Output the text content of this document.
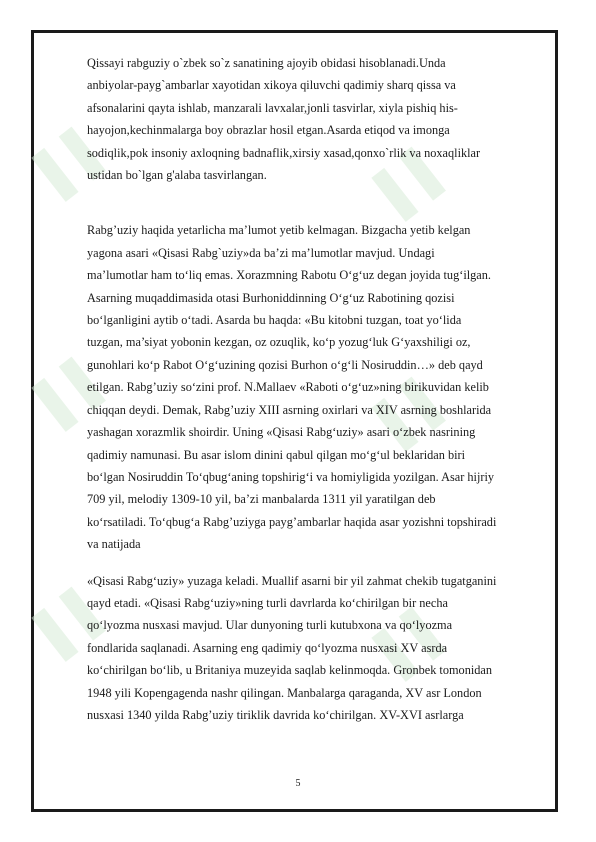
▌▌	▌▌
▌▌	▌▌
▌▌	▌▌

Qissayi rabguziy o`zbek so`z sanatining ajoyib obidasi hisoblanadi.Unda
anbiyolar-payg`ambarlar xayotidan xikoya qiluvchi qadimiy sharq qissa va
afsonalarini qayta ishlab, manzarali lavxalar,jonli tasvirlar, xiyla pishiq his-
hayojon,kechinmalarga boy obrazlar hosil etgan.Asarda etiqod va imonga
sodiqlik,pok insoniy axloqning badnaflik,xirsiy xasad,qonxo`rlik va noxaqliklar
ustidan bo`lgan g'alaba tasvirlangan.

Rabg’uziy haqida yetarlicha ma’lumot yetib kelmagan. Bizgacha yetib kelgan
yagona asari «Qisasi Rabg`uziy»da ba’zi ma’lumotlar mavjud. Undagi
ma’lumotlar ham to‘liq emas. Xorazmning Rabotu O‘g‘uz degan joyida tug‘ilgan.
Asarning muqaddimasida otasi Burhoniddinning O‘g‘uz Rabotining qozisi
bo‘lganligini aytib o‘tadi. Asarda bu haqda: «Bu kitobni tuzgan, toat yo‘lida
tuzgan, ma’siyat yobonin kezgan, oz ozuqlik, ko‘p yozug‘luk G‘yaxshiligi oz,
gunohlari ko‘p Rabot O‘g‘uzining qozisi Burhon o‘g‘li Nosiruddin…» deb qayd
etilgan. Rabg’uziy so‘zini prof. N.Mallaev «Raboti o‘g‘uz»ning birikuvidan kelib
chiqqan deydi. Demak, Rabg’uziy XIII asrning oxirlari va XIV asrning boshlarida
yashagan xorazmlik shoirdir. Uning «Qisasi Rabg‘uziy» asari o‘zbek nasrining
qadimiy namunasi. Bu asar islom dinini qabul qilgan mo‘g‘ul beklaridan biri
bo‘lgan Nosiruddin To‘qbug‘aning topshirig‘i va homiyligida yozilgan. Asar hijriy
709 yil, melodiy 1309-10 yil, ba’zi manbalarda 1311 yil yaratilgan deb
ko‘rsatiladi. To‘qbug‘a Rabg’uziyga payg’ambarlar haqida asar yozishni topshiradi
va natijada

«Qisasi Rabg‘uziy» yuzaga keladi. Muallif asarni bir yil zahmat chekib tugatganini
qayd etadi. «Qisasi Rabg‘uziy»ning turli davrlarda ko‘chirilgan bir necha
qo‘lyozma nusxasi mavjud. Ular dunyoning turli kutubxona va qo‘lyozma
fondlarida saqlanadi. Asarning eng qadimiy qo‘lyozma nusxasi XV asrda
ko‘chirilgan bo‘lib, u Britaniya muzeyida saqlab kelinmoqda. Gronbek tomonidan
1948 yili Kopengagenda nashr qilingan. Manbalarga qaraganda, XV asr London
nusxasi 1340 yilda Rabg’uziy tiriklik davrida ko‘chirilgan. XV-XVI asrlarga

5
